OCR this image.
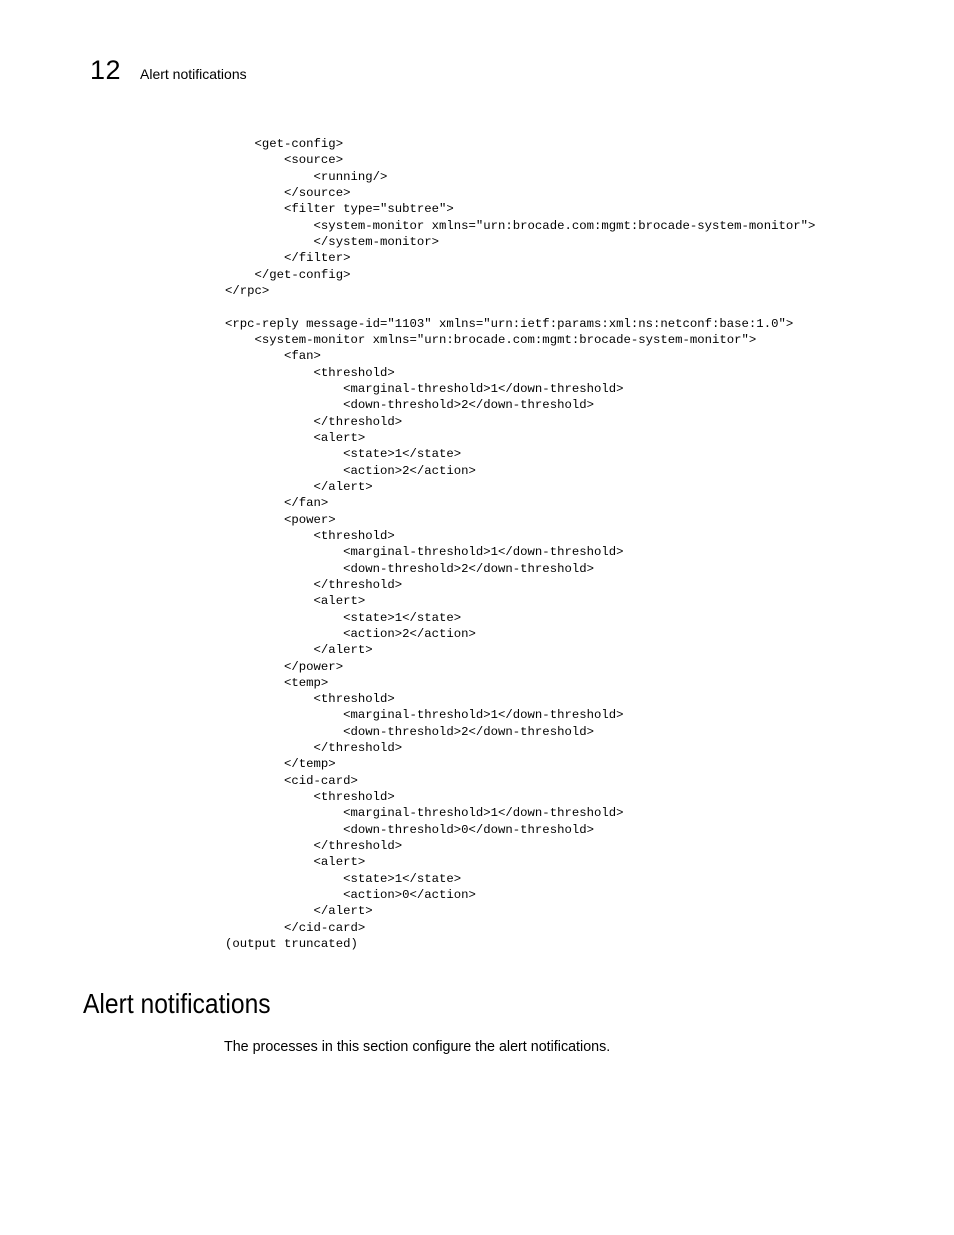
12 Alert notifications
<get-config>
<source>
<running/>
</source>
<filter type="subtree">
<system-monitor xmlns="urn:brocade.com:mgmt:brocade-system-monitor">
</system-monitor>
</filter>
</get-config>
</rpc>
<rpc-reply message-id="1103" xmlns="urn:ietf:params:xml:ns:netconf:base:1.0">
<system-monitor xmlns="urn:brocade.com:mgmt:brocade-system-monitor">
<fan>
<threshold>
<marginal-threshold>1</down-threshold>
<down-threshold>2</down-threshold>
</threshold>
<alert>
<state>1</state>
<action>2</action>
</alert>
</fan>
<power>
<threshold>
<marginal-threshold>1</down-threshold>
<down-threshold>2</down-threshold>
</threshold>
<alert>
<state>1</state>
<action>2</action>
</alert>
</power>
<temp>
<threshold>
<marginal-threshold>1</down-threshold>
<down-threshold>2</down-threshold>
</threshold>
</temp>
<cid-card>
<threshold>
<marginal-threshold>1</down-threshold>
<down-threshold>0</down-threshold>
</threshold>
<alert>
<state>1</state>
<action>0</action>
</alert>
</cid-card>
(output truncated)
Alert notifications

The processes in this section configure the alert notifications.
